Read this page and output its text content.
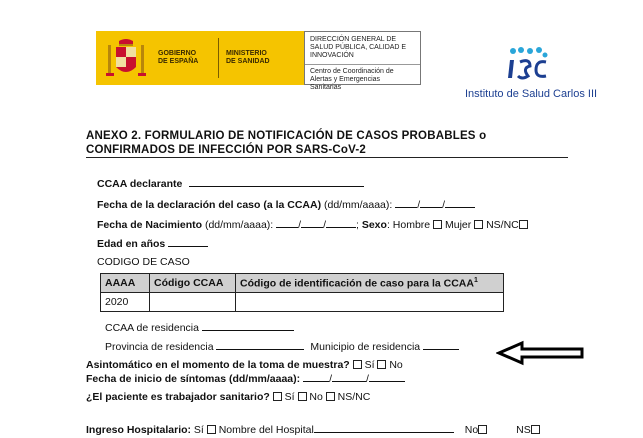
GOBIERNO
DE ESPAÑA
MINISTERIO
DE SANIDAD
DIRECCIÓN GENERAL DE
SALUD PÚBLICA, CALIDAD E
INNOVACIÓN
Centro de Coordinación de
Alertas y Emergencias
Sanitarias
Instituto de Salud Carlos III
ANEXO 2. FORMULARIO DE NOTIFICACIÓN DE CASOS PROBABLES o
CONFIRMADOS DE INFECCIÓN POR SARS-CoV-2
CCAA declarante
Fecha de la declaración del caso (a la CCAA) (dd/mm/aaaa): / /
Fecha de Nacimiento (dd/mm/aaaa): / /	; Sexo: Hombre  Mujer  NS/NC
Edad en años
CODIGO DE CASO
AAAA	Código CCAA	Código de identificación de caso para la CCAA$^1$
2020		
CCAA de residencia
Provincia de residencia	Municipio de residencia
Asintomático en el momento de la toma de muestra?  Sí  No
Fecha de inicio de síntomas (dd/mm/aaaa):	/	/
¿El paciente es trabajador sanitario?  Sí  No  NS/NC
Ingreso Hospitalario: Sí  Nombre del Hospital	No	NS
